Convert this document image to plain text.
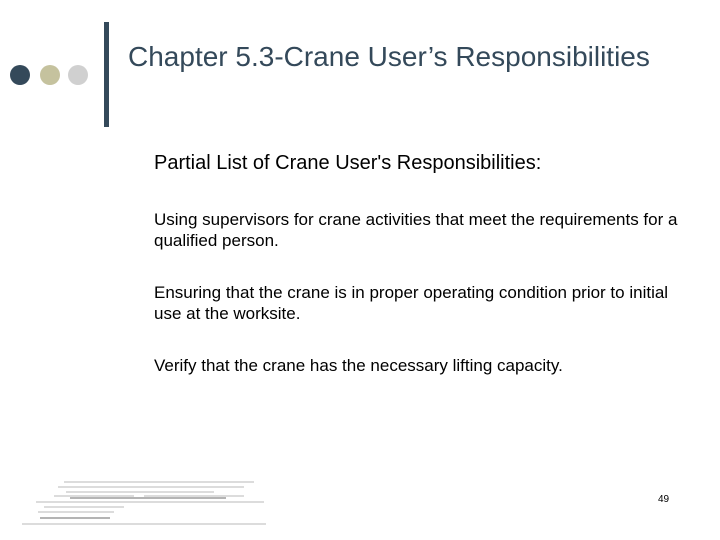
Chapter 5.3-Crane User’s Responsibilities

Partial List of Crane User's Responsibilities:

Using supervisors for crane activities that meet the requirements for a qualified person.

Ensuring that the crane is in proper operating condition prior to initial use at the worksite.

Verify that the crane has the necessary lifting capacity.

49
